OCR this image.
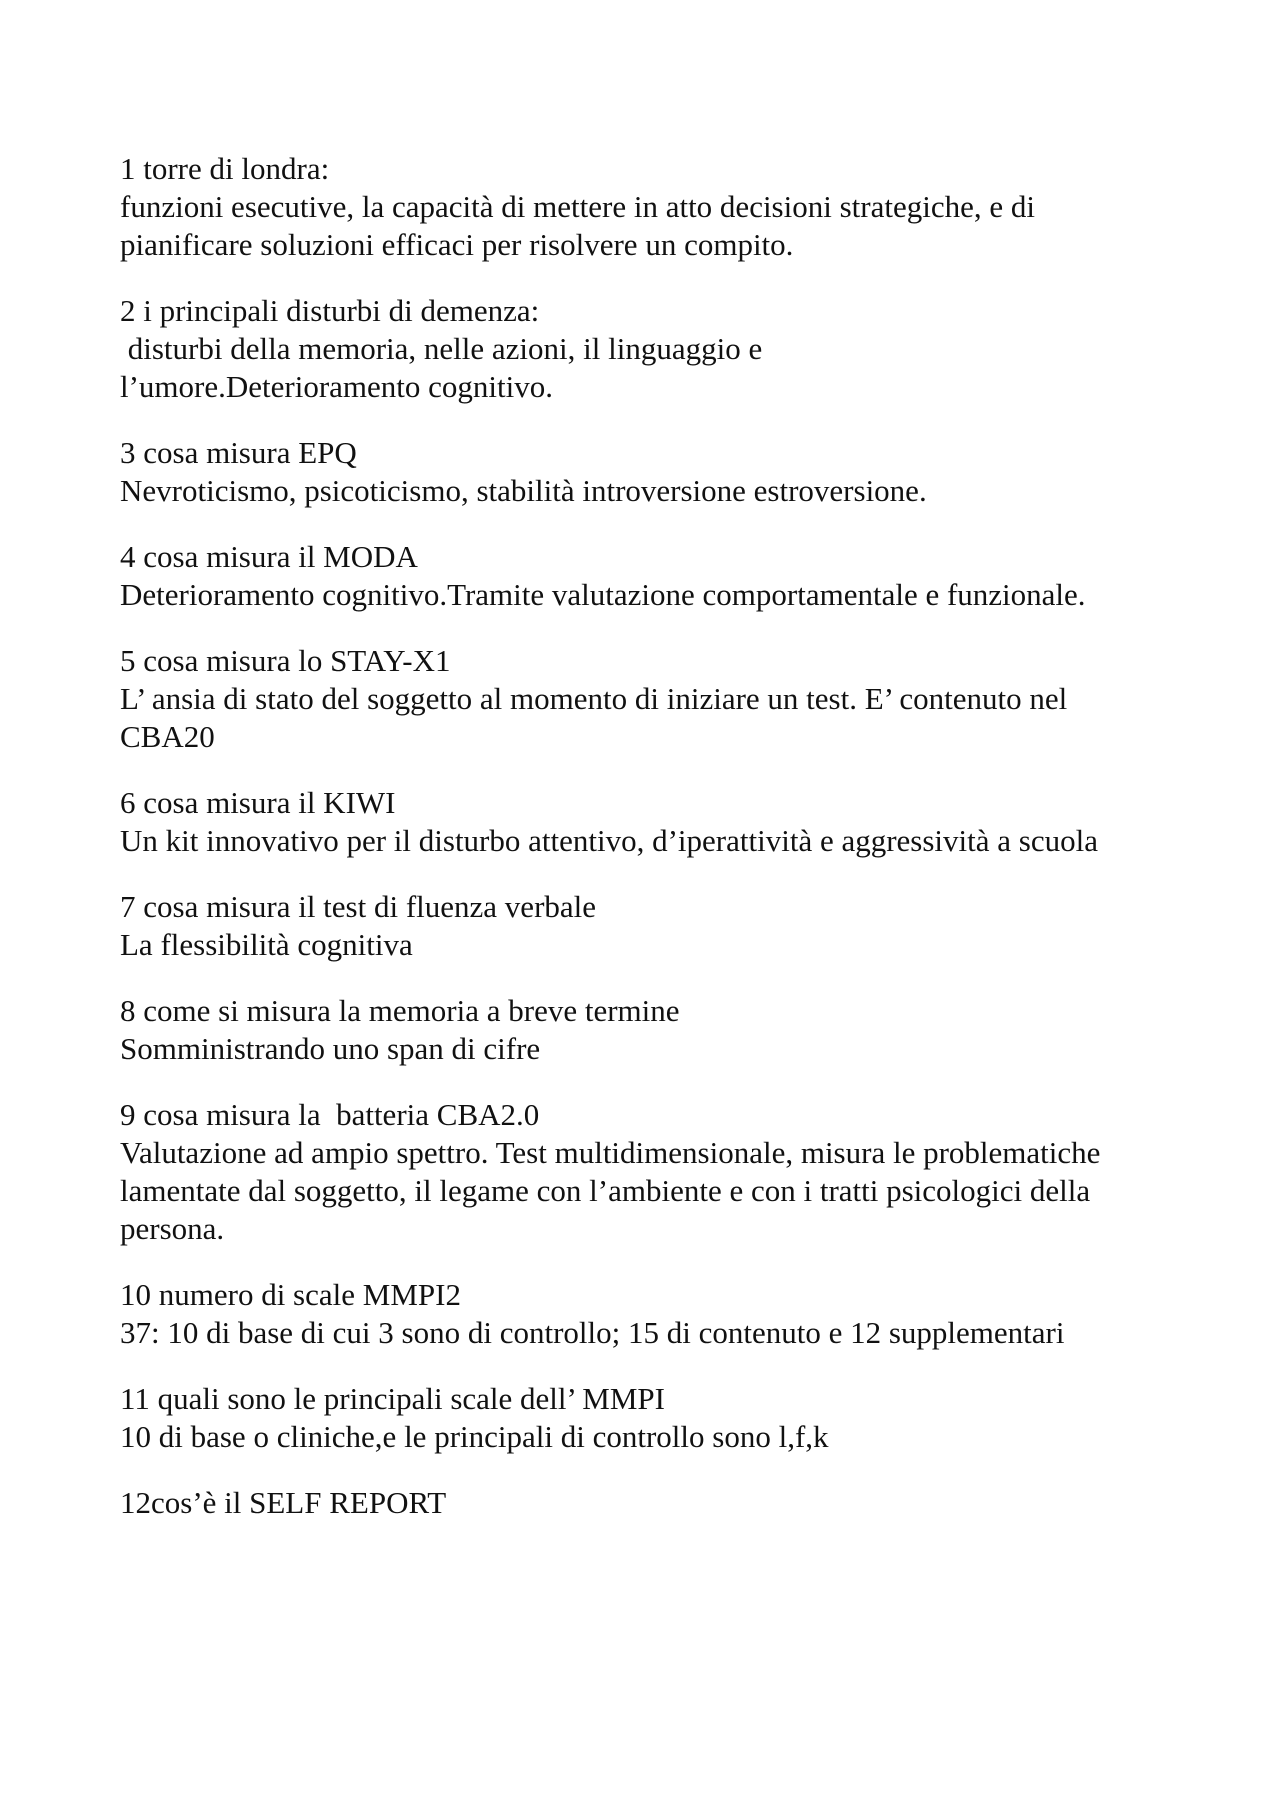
1 torre di londra:

funzioni esecutive, la capacità di mettere in atto decisioni strategiche, e di pianificare soluzioni efficaci per risolvere un compito.

2 i principali disturbi di demenza:

disturbi della memoria, nelle azioni, il linguaggio e
l’umore.Deterioramento cognitivo.

3 cosa misura EPQ

Nevroticismo, psicoticismo, stabilità introversione estroversione.

4 cosa misura il MODA

Deterioramento cognitivo.Tramite valutazione comportamentale e funzionale.

5 cosa misura lo STAY-X1

L’ ansia di stato del soggetto al momento di iniziare un test. E’ contenuto nel CBA20

6 cosa misura il KIWI

Un kit innovativo per il disturbo attentivo, d’iperattività e aggressività a scuola

7 cosa misura il test di fluenza verbale

La flessibilità cognitiva

8 come si misura la memoria a breve termine

Somministrando uno span di cifre

9 cosa misura la  batteria CBA2.0

Valutazione ad ampio spettro. Test multidimensionale, misura le problematiche lamentate dal soggetto, il legame con l’ambiente e con i tratti psicologici della persona.

10 numero di scale MMPI2

37: 10 di base di cui 3 sono di controllo; 15 di contenuto e 12 supplementari

11 quali sono le principali scale dell’ MMPI

10 di base o cliniche,e le principali di controllo sono l,f,k

12cos’è il SELF REPORT
